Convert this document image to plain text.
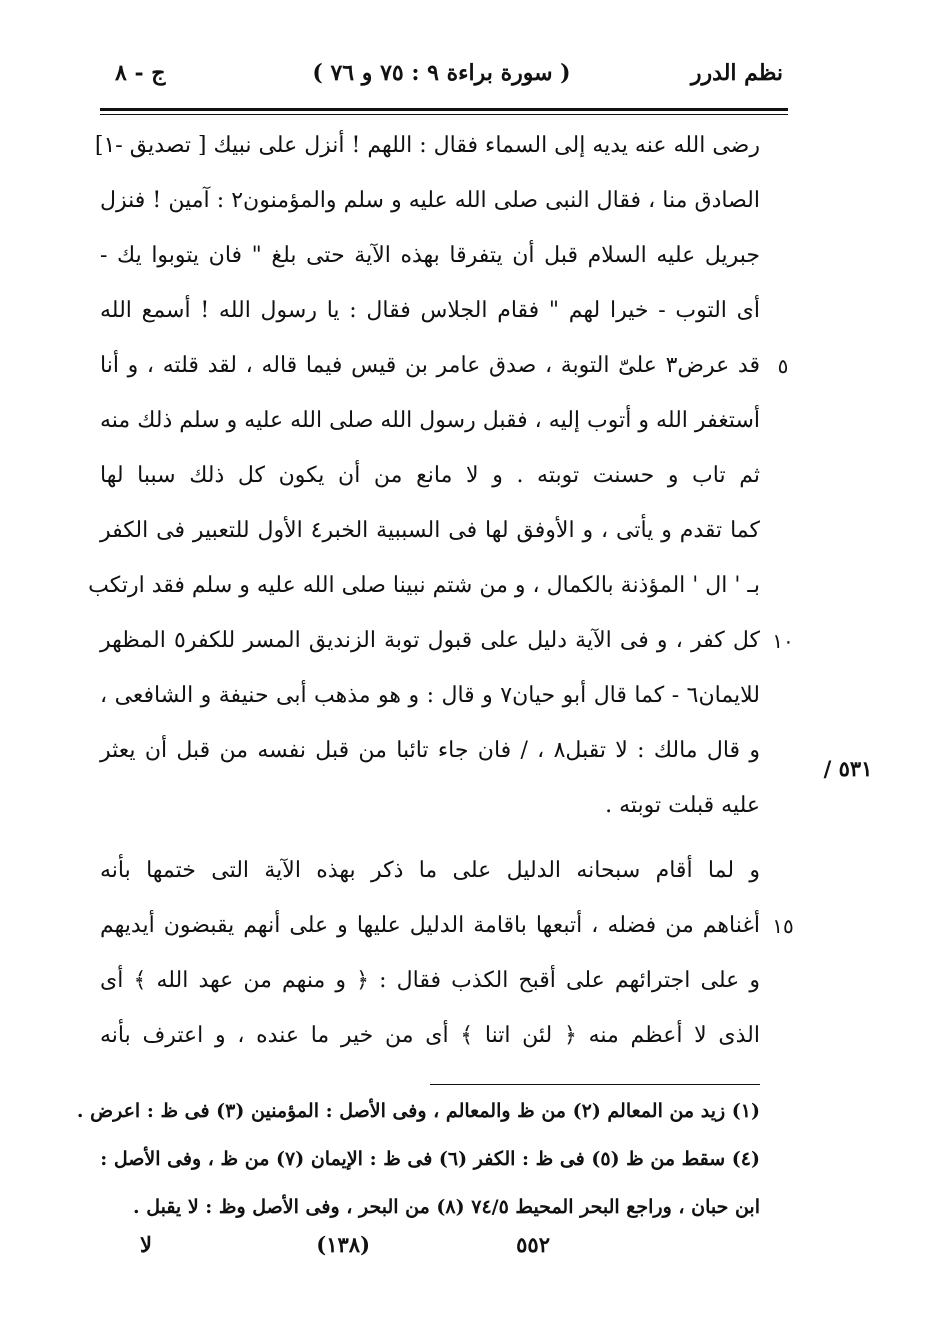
نظم الدرر
( سورة براءة ٩ : ٧٥ و ٧٦ )
ج - ٨
رضى الله عنه يديه إلى السماء فقال : اللهم ! أنزل على نبيك [ تصديق -١]
الصادق منا ، فقال النبى صلى الله عليه و سلم والمؤمنون٢ : آمين ! فنزل
جبريل عليه السلام قبل أن يتفرقا بهذه الآية حتى بلغ " فان يتوبوا يك -
أى التوب - خيرا لهم " فقام الجلاس فقال : يا رسول الله ! أسمع الله
قد عرض٣ علىّ التوبة ، صدق عامر بن قيس فيما قاله ، لقد قلته ، و أنا
أستغفر الله و أتوب إليه ، فقبل رسول الله صلى الله عليه و سلم ذلك منه
ثم تاب و حسنت توبته . و لا مانع من أن يكون كل ذلك سببا لها
كما تقدم و يأتى ، و الأوفق لها فى السببية الخبر٤ الأول للتعبير فى الكفر
بـ ' ال ' المؤذنة بالكمال ، و من شتم نبينا صلى الله عليه و سلم فقد ارتكب
كل كفر ، و فى الآية دليل على قبول توبة الزنديق المسر للكفر٥ المظهر
للايمان٦ - كما قال أبو حيان٧ و قال : و هو مذهب أبى حنيفة و الشافعى ،
و قال مالك : لا تقبل٨ ، / فان جاء تائبا من قبل نفسه من قبل أن يعثر
عليه قبلت توبته .
و لما أقام سبحانه الدليل على ما ذكر بهذه الآية التى ختمها بأنه
أغناهم من فضله ، أتبعها باقامة الدليل عليها و على أنهم يقبضون أيديهم
و على اجترائهم على أقبح الكذب فقال : ﴿ و منهم من عهد الله ﴾ أى
الذى لا أعظم منه ﴿ لئن اتنا ﴾ أى من خير ما عنده ، و اعترف بأنه
٥
١٠
١٥
٥٣١ /
(١) زيد من المعالم (٢) من ظ والمعالم ، وفى الأصل : المؤمنين (٣) فى ظ : اعرض .
(٤) سقط من ظ (٥) فى ظ : الكفر (٦) فى ظ : الإيمان (٧) من ظ ، وفى الأصل :
ابن حبان ، وراجع البحر المحيط ٧٤/٥ (٨) من البحر ، وفى الأصل وظ : لا يقبل .
٥٥٢
(١٣٨)
لا
